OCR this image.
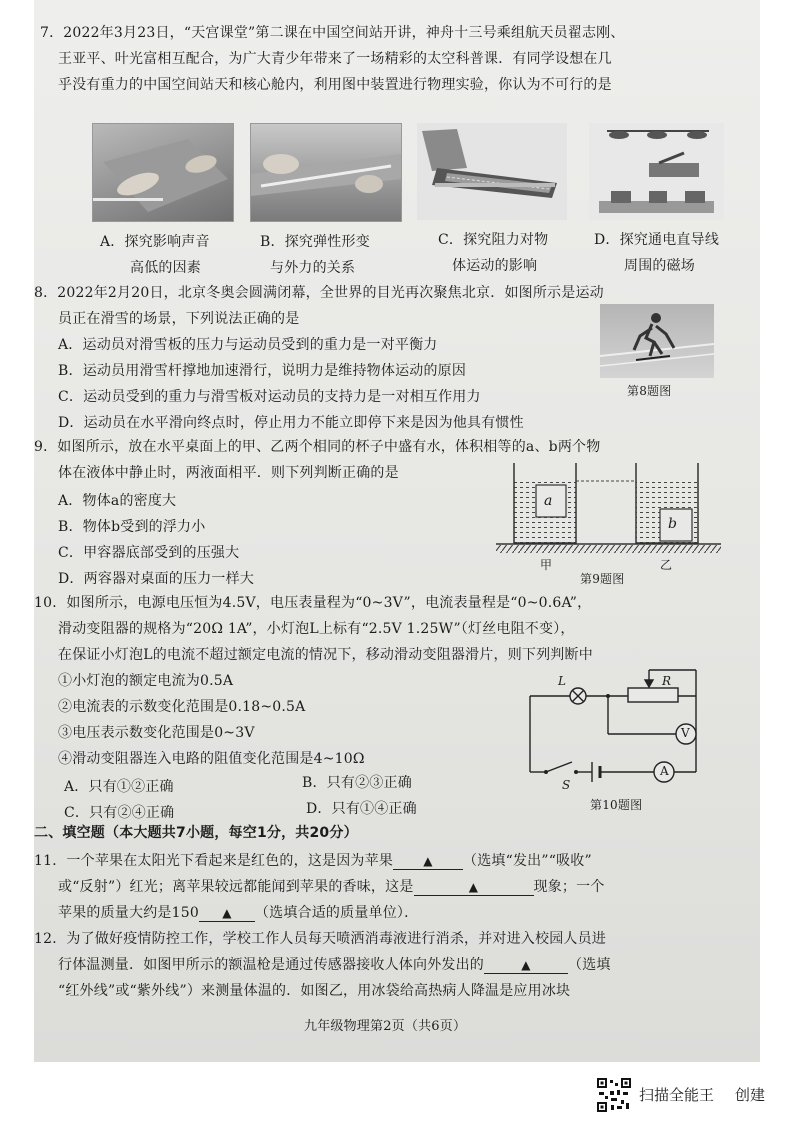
7．2022年3月23日，“天宫课堂”第二课在中国空间站开讲，神舟十三号乘组航天员翟志刚、
王亚平、叶光富相互配合，为广大青少年带来了一场精彩的太空科普课．有同学设想在几
乎没有重力的中国空间站天和核心舱内，利用图中装置进行物理实验，你认为不可行的是
A．探究影响声音
高低的因素
B．探究弹性形变
与外力的关系
C．探究阻力对物
体运动的影响
D．探究通电直导线
周围的磁场
8．2022年2月20日，北京冬奥会圆满闭幕，全世界的目光再次聚焦北京．如图所示是运动
员正在滑雪的场景，下列说法正确的是
A．运动员对滑雪板的压力与运动员受到的重力是一对平衡力
B．运动员用滑雪杆撑地加速滑行，说明力是维持物体运动的原因
C．运动员受到的重力与滑雪板对运动员的支持力是一对相互作用力
D．运动员在水平滑向终点时，停止用力不能立即停下来是因为他具有惯性
第8题图
9．如图所示，放在水平桌面上的甲、乙两个相同的杯子中盛有水，体积相等的a、b两个物
体在液体中静止时，两液面相平．则下列判断正确的是
A．物体a的密度大
B．物体b受到的浮力小
C．甲容器底部受到的压强大
D．两容器对桌面的压力一样大
a
b
甲	乙
第9题图
10．如图所示，电源电压恒为4.5V，电压表量程为“0~3V”，电流表量程是“0~0.6A”，
滑动变阻器的规格为“20Ω 1A”，小灯泡L上标有“2.5V 1.25W”（灯丝电阻不变），
在保证小灯泡L的电流不超过额定电流的情况下，移动滑动变阻器滑片，则下列判断中
①小灯泡的额定电流为0.5A
②电流表的示数变化范围是0.18~0.5A
③电压表示数变化范围是0~3V
④滑动变阻器连入电路的阻值变化范围是4~10Ω
A．只有①②正确	B．只有②③正确
C．只有②④正确	D．只有①④正确
L	R
V
A
S
第10题图
二、填空题（本大题共7小题，每空1分，共20分）
11．一个苹果在太阳光下看起来是红色的，这是因为苹果	▲ （选填“发出”“吸收”
或“反射”）红光；离苹果较远都能闻到苹果的香味，这是	▲	现象；一个
苹果的质量大约是150 ▲ （选填合适的质量单位）．
12．为了做好疫情防控工作，学校工作人员每天喷洒消毒液进行消杀，并对进入校园人员进
行体温测量．如图甲所示的额温枪是通过传感器接收人体向外发出的	▲	（选填
“红外线”或“紫外线”）来测量体温的．如图乙，用冰袋给高热病人降温是应用冰块
九年级物理第2页（共6页）
扫描全能王 创建
